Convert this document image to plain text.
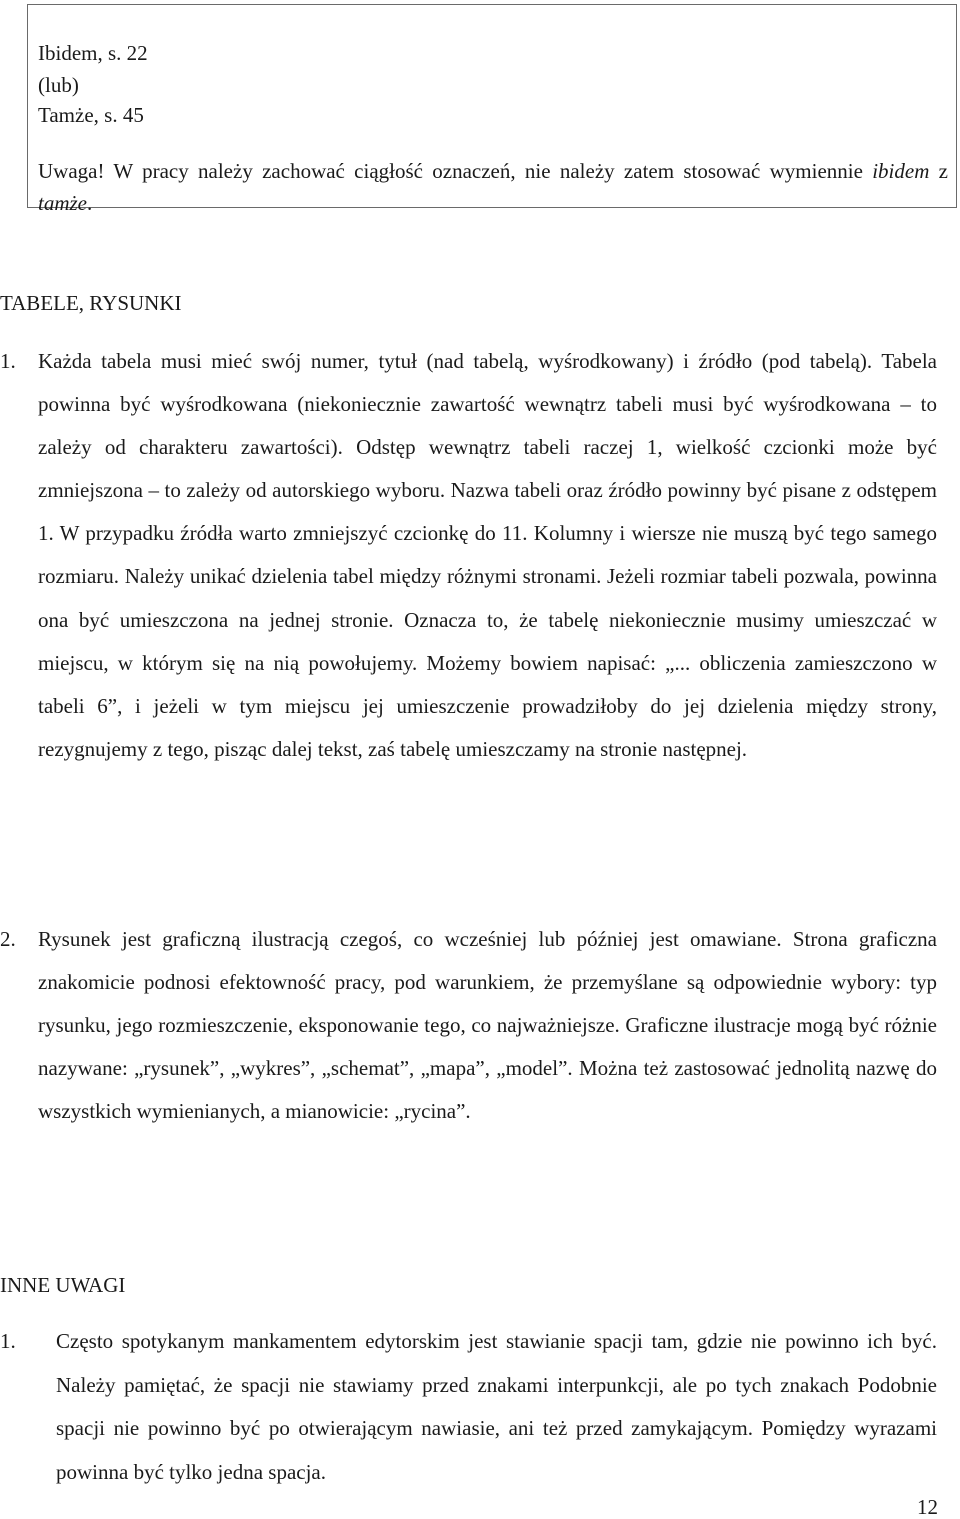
Ibidem, s. 22
(lub)
Tamże, s. 45
Uwaga! W pracy należy zachować ciągłość oznaczeń, nie należy zatem stosować wymiennie ibidem z tamże.
TABELE, RYSUNKI
1. Każda tabela musi mieć swój numer, tytuł (nad tabelą, wyśrodkowany) i źródło (pod tabelą). Tabela powinna być wyśrodkowana (niekoniecznie zawartość wewnątrz tabeli musi być wyśrodkowana – to zależy od charakteru zawartości). Odstęp wewnątrz tabeli raczej 1, wielkość czcionki może być zmniejszona – to zależy od autorskiego wyboru. Nazwa tabeli oraz źródło powinny być pisane z odstępem 1. W przypadku źródła warto zmniejszyć czcionkę do 11. Kolumny i wiersze nie muszą być tego samego rozmiaru. Należy unikać dzielenia tabel między różnymi stronami. Jeżeli rozmiar tabeli pozwala, powinna ona być umieszczona na jednej stronie. Oznacza to, że tabelę niekoniecznie musimy umieszczać w miejscu, w którym się na nią powołujemy. Możemy bowiem napisać: „... obliczenia zamieszczono w tabeli 6”, i jeżeli w tym miejscu jej umieszczenie prowadziłoby do jej dzielenia między strony, rezygnujemy z tego, pisząc dalej tekst, zaś tabelę umieszczamy na stronie następnej.
2. Rysunek jest graficzną ilustracją czegoś, co wcześniej lub później jest omawiane. Strona graficzna znakomicie podnosi efektowność pracy, pod warunkiem, że przemyślane są odpowiednie wybory: typ rysunku, jego rozmieszczenie, eksponowanie tego, co najważniejsze. Graficzne ilustracje mogą być różnie nazywane: „rysunek”, „wykres”, „schemat”, „mapa”, „model”. Można też zastosować jednolitą nazwę do wszystkich wymienianych, a mianowicie: „rycina”.
INNE UWAGI
1. Często spotykanym mankamentem edytorskim jest stawianie spacji tam, gdzie nie powinno ich być. Należy pamiętać, że spacji nie stawiamy przed znakami interpunkcji, ale po tych znakach Podobnie spacji nie powinno być po otwierającym nawiasie, ani też przed zamykającym. Pomiędzy wyrazami powinna być tylko jedna spacja.
12
